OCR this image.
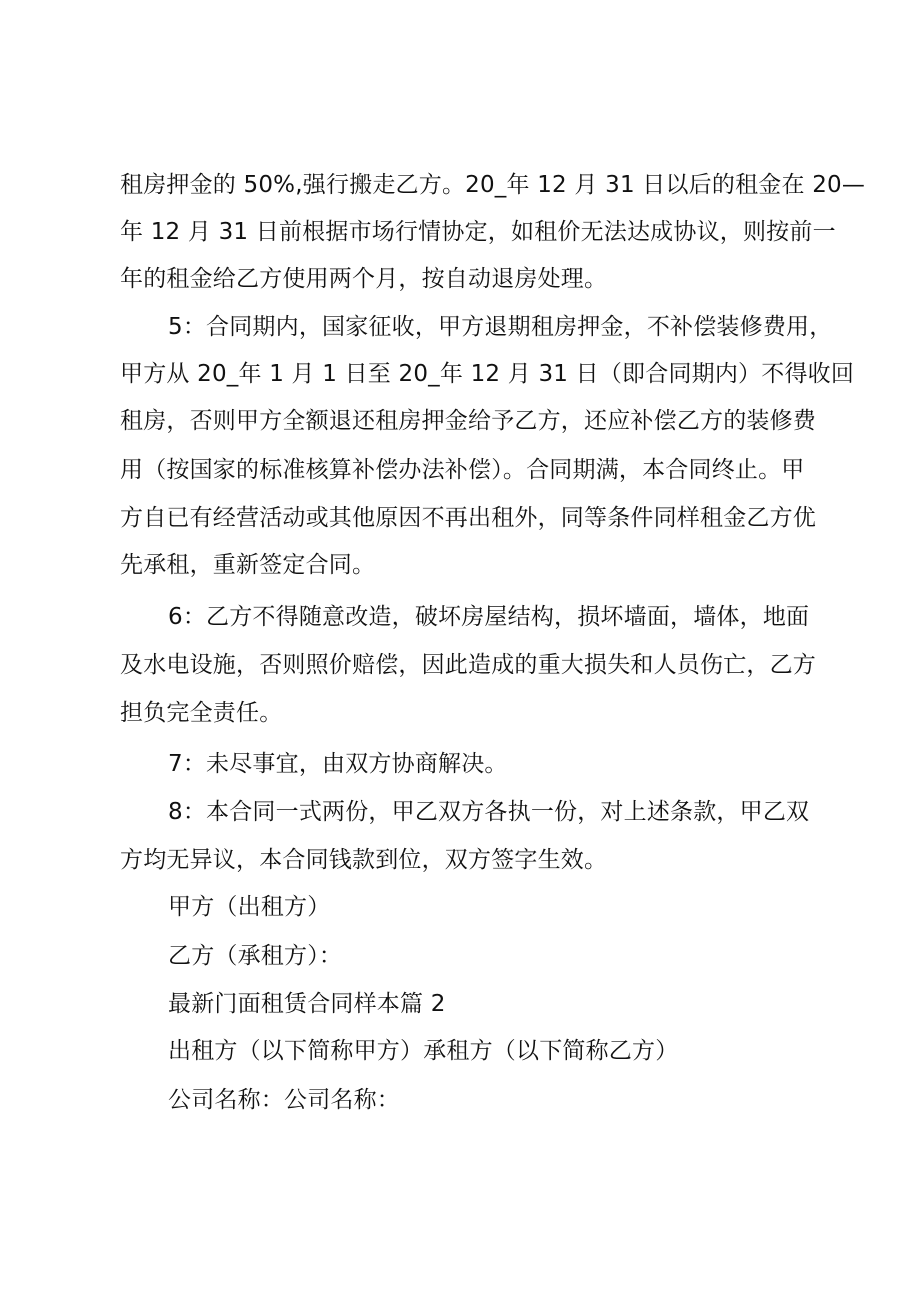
租房押金的 50%,强行搬走乙方。20_年 12 月 31 日以后的租金在 20—
年 12 月 31 日前根据市场行情协定，如租价无法达成协议，则按前一
年的租金给乙方使用两个月，按自动退房处理。
5：合同期内，国家征收，甲方退期租房押金，不补偿装修费用，
甲方从 20_年 1 月 1 日至 20_年 12 月 31 日（即合同期内）不得收回
租房，否则甲方全额退还租房押金给予乙方，还应补偿乙方的装修费
用（按国家的标准核算补偿办法补偿）。合同期满，本合同终止。甲
方自已有经营活动或其他原因不再出租外，同等条件同样租金乙方优
先承租，重新签定合同。
6：乙方不得随意改造，破坏房屋结构，损坏墙面，墙体，地面
及水电设施，否则照价赔偿，因此造成的重大损失和人员伤亡，乙方
担负完全责任。
7：未尽事宜，由双方协商解决。
8：本合同一式两份，甲乙双方各执一份，对上述条款，甲乙双
方均无异议，本合同钱款到位，双方签字生效。
甲方（出租方）
乙方（承租方）：
最新门面租赁合同样本篇 2
出租方（以下简称甲方）承租方（以下简称乙方）
公司名称：公司名称：
